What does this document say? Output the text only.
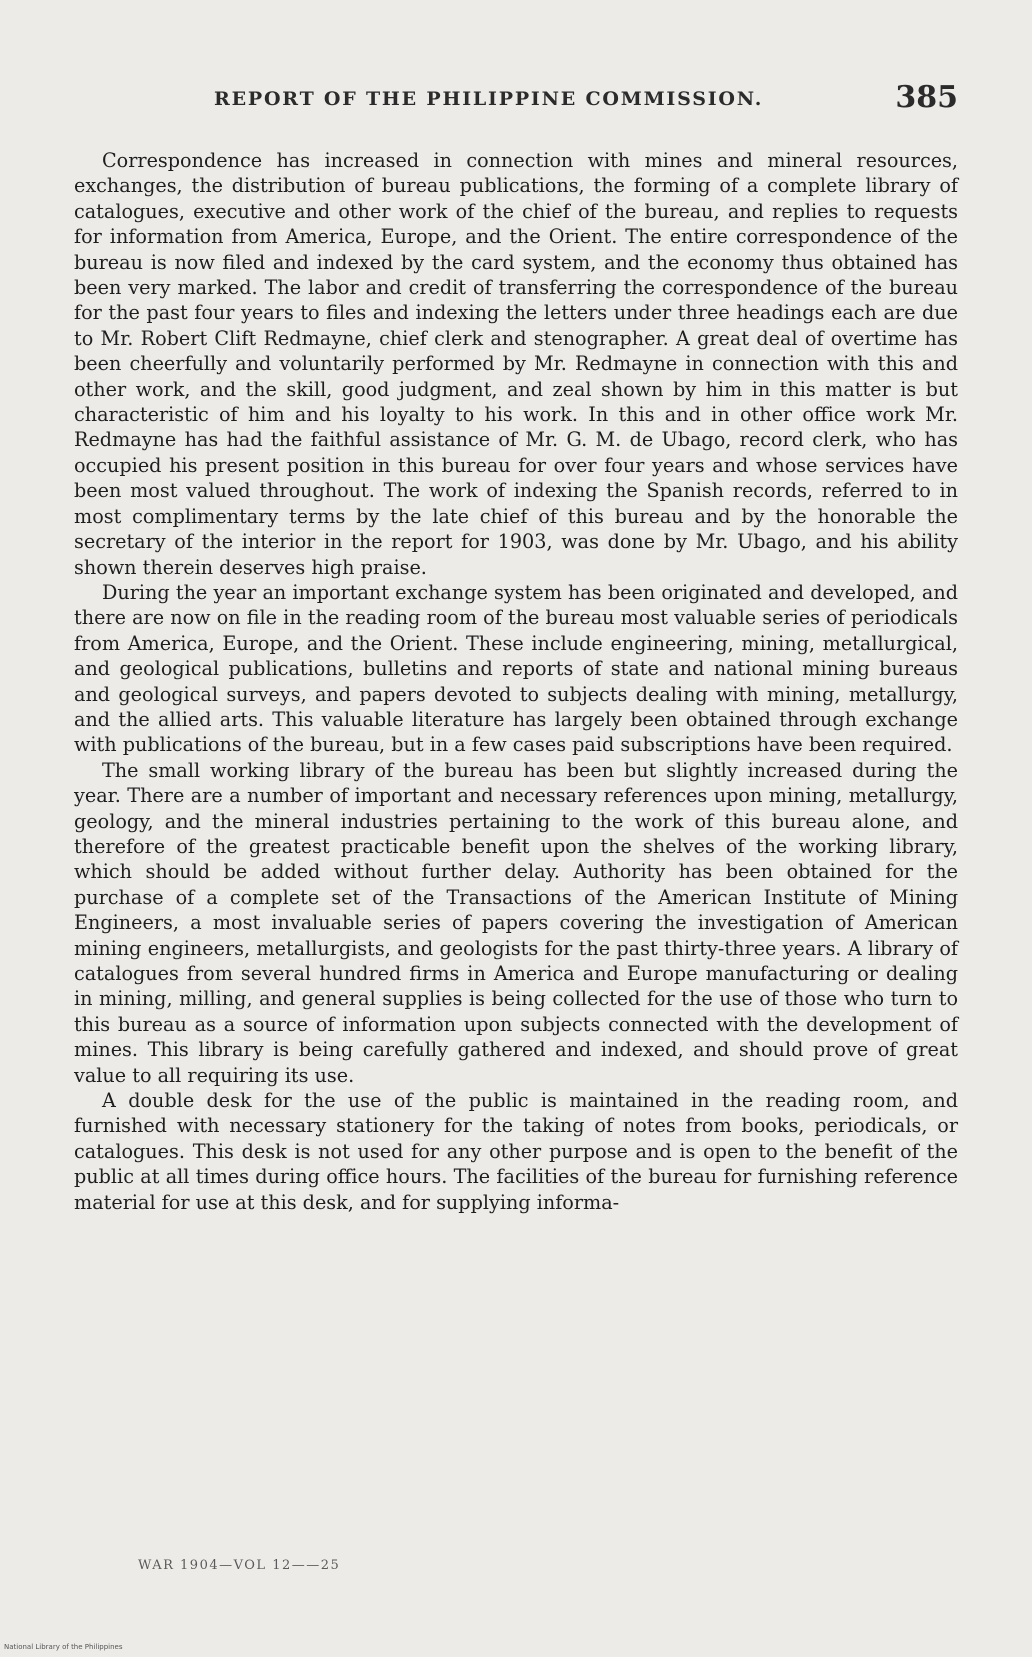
REPORT OF THE PHILIPPINE COMMISSION.	385

Correspondence has increased in connection with mines and mineral resources, exchanges, the distribution of bureau publications, the forming of a complete library of catalogues, executive and other work of the chief of the bureau, and replies to requests for information from America, Europe, and the Orient. The entire correspondence of the bureau is now filed and indexed by the card system, and the economy thus obtained has been very marked. The labor and credit of transferring the correspondence of the bureau for the past four years to files and indexing the letters under three headings each are due to Mr. Robert Clift Redmayne, chief clerk and stenographer. A great deal of overtime has been cheerfully and voluntarily performed by Mr. Redmayne in connection with this and other work, and the skill, good judgment, and zeal shown by him in this matter is but characteristic of him and his loyalty to his work. In this and in other office work Mr. Redmayne has had the faithful assistance of Mr. G. M. de Ubago, record clerk, who has occupied his present position in this bureau for over four years and whose services have been most valued throughout. The work of indexing the Spanish records, referred to in most complimentary terms by the late chief of this bureau and by the honorable the secretary of the interior in the report for 1903, was done by Mr. Ubago, and his ability shown therein deserves high praise.

During the year an important exchange system has been originated and developed, and there are now on file in the reading room of the bureau most valuable series of periodicals from America, Europe, and the Orient. These include engineering, mining, metallurgical, and geological publications, bulletins and reports of state and national mining bureaus and geological surveys, and papers devoted to subjects dealing with mining, metallurgy, and the allied arts. This valuable literature has largely been obtained through exchange with publications of the bureau, but in a few cases paid subscriptions have been required.

The small working library of the bureau has been but slightly increased during the year. There are a number of important and necessary references upon mining, metallurgy, geology, and the mineral industries pertaining to the work of this bureau alone, and therefore of the greatest practicable benefit upon the shelves of the working library, which should be added without further delay. Authority has been obtained for the purchase of a complete set of the Transactions of the American Institute of Mining Engineers, a most invaluable series of papers covering the investigation of American mining engineers, metallurgists, and geologists for the past thirty-three years. A library of catalogues from several hundred firms in America and Europe manufacturing or dealing in mining, milling, and general supplies is being collected for the use of those who turn to this bureau as a source of information upon subjects connected with the development of mines. This library is being carefully gathered and indexed, and should prove of great value to all requiring its use.

A double desk for the use of the public is maintained in the reading room, and furnished with necessary stationery for the taking of notes from books, periodicals, or catalogues. This desk is not used for any other purpose and is open to the benefit of the public at all times during office hours. The facilities of the bureau for furnishing reference material for use at this desk, and for supplying informa-

WAR 1904—VOL 12——25
National Library of the Philippines
